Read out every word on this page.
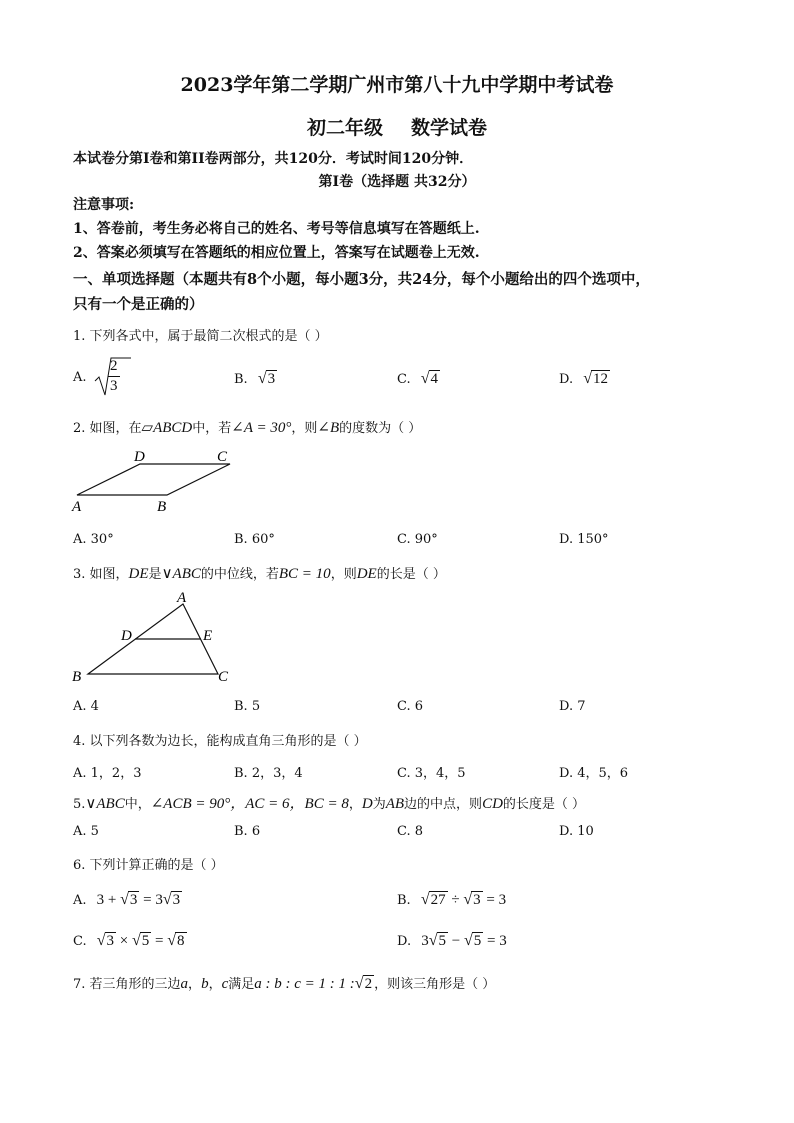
2023学年第二学期广州市第八十九中学期中考试卷
初二年级 数学试卷
本试卷分第I卷和第II卷两部分，共120分．考试时间120分钟．
第I卷（选择题 共32分）
注意事项:
1、答卷前，考生务必将自己的姓名、考号等信息填写在答题纸上.
2、答案必须填写在答题纸的相应位置上，答案写在试题卷上无效.
一、单项选择题（本题共有8个小题，每小题3分，共24分，每个小题给出的四个选项中，
只有一个是正确的）
1. 下列各式中，属于最简二次根式的是（ ）
A.
2
3	B. √3	C. √4	D. √12
2. 如图，在▱ABCD中，若∠A = 30°，则∠B的度数为（ ）
D	C
A	B
A. 30°	B. 60°	C. 90°	D. 150°
3. 如图，DE是∨ABC的中位线，若BC = 10，则DE的长是（ ）
A
D	E
B	C
A. 4	B. 5	C. 6	D. 7
4. 以下列各数为边长，能构成直角三角形的是（ ）
A. 1，2，3	B. 2，3，4	C. 3，4，5	D. 4，5，6
5.∨ABC中，∠ACB = 90°，AC = 6，BC = 8，D为AB边的中点，则CD的长度是（ ）
A. 5	B. 6	C. 8	D. 10
6. 下列计算正确的是（ ）
A. 3 + √3 = 3√3	B. √27 ÷ √3 = 3
C. √3 × √5 = √8	D. 3√5 − √5 = 3
7. 若三角形的三边a，b，c满足a : b : c = 1 : 1 :√2 ，则该三角形是（ ）
